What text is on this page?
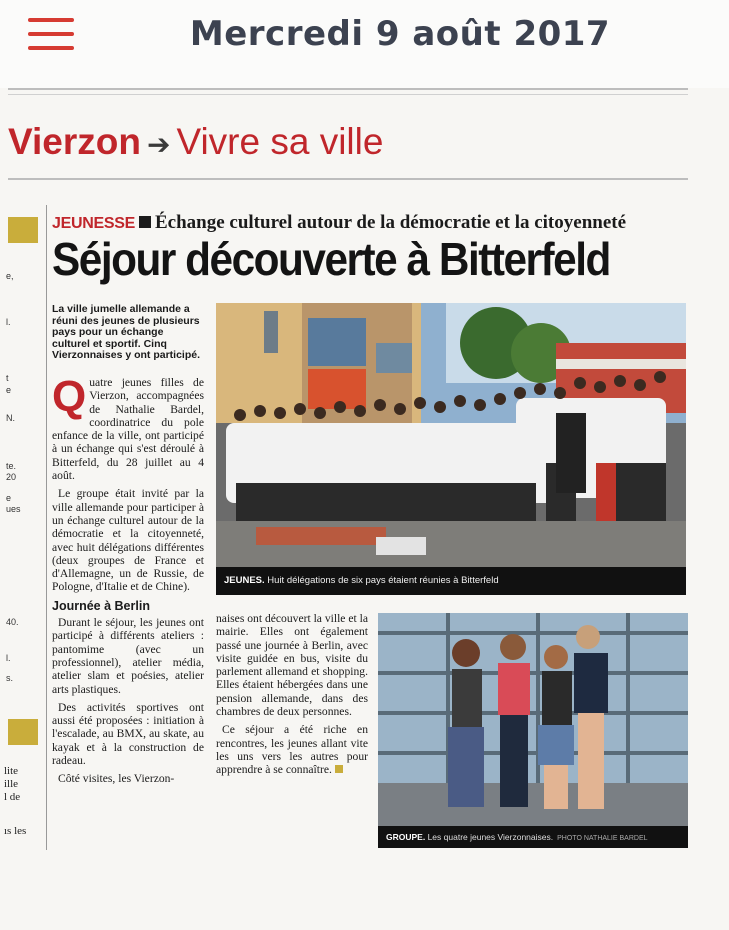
Mercredi 9 août 2017
Vierzon ➔ Vivre sa ville
e,
l.
t
e
N.
te.
20
e
ues
40.
l.
s.
lite
ille
l de
ıs les
JEUNESSE Échange culturel autour de la démocratie et la citoyenneté
Séjour découverte à Bitterfeld
La ville jumelle allemande a réuni des jeunes de plusieurs pays pour un échange culturel et sportif. Cinq Vierzonnaises y ont participé.

Quatre jeunes filles de Vierzon, accompagnées de Nathalie Bardel, coordinatrice du pole enfance de la ville, ont participé à un échange qui s'est déroulé à Bitterfeld, du 28 juillet au 4 août.

Le groupe était invité par la ville allemande pour participer à un échange culturel autour de la démocratie et la citoyenneté, avec huit délégations différentes (deux groupes de France et d'Allemagne, un de Russie, de Pologne, d'Italie et de Chine).

Journée à Berlin

Durant le séjour, les jeunes ont participé à différents ateliers : pantomime (avec un professionnel), atelier média, atelier slam et poésies, atelier arts plastiques.

Des activités sportives ont aussi été proposées : initiation à l'escalade, au BMX, au skate, au kayak et à la construction de radeau.

Côté visites, les Vierzon-

naises ont découvert la ville et la mairie. Elles ont également passé une journée à Berlin, avec visite guidée en bus, visite du parlement allemand et shopping. Elles étaient hébergées dans une pension allemande, dans des chambres de deux personnes.

Ce séjour a été riche en rencontres, les jeunes allant vite les uns vers les autres pour apprendre à se connaître.

JEUNES. Huit délégations de six pays étaient réunies à Bitterfeld
GROUPE. Les quatre jeunes Vierzonnaises. PHOTO NATHALIE BARDEL
